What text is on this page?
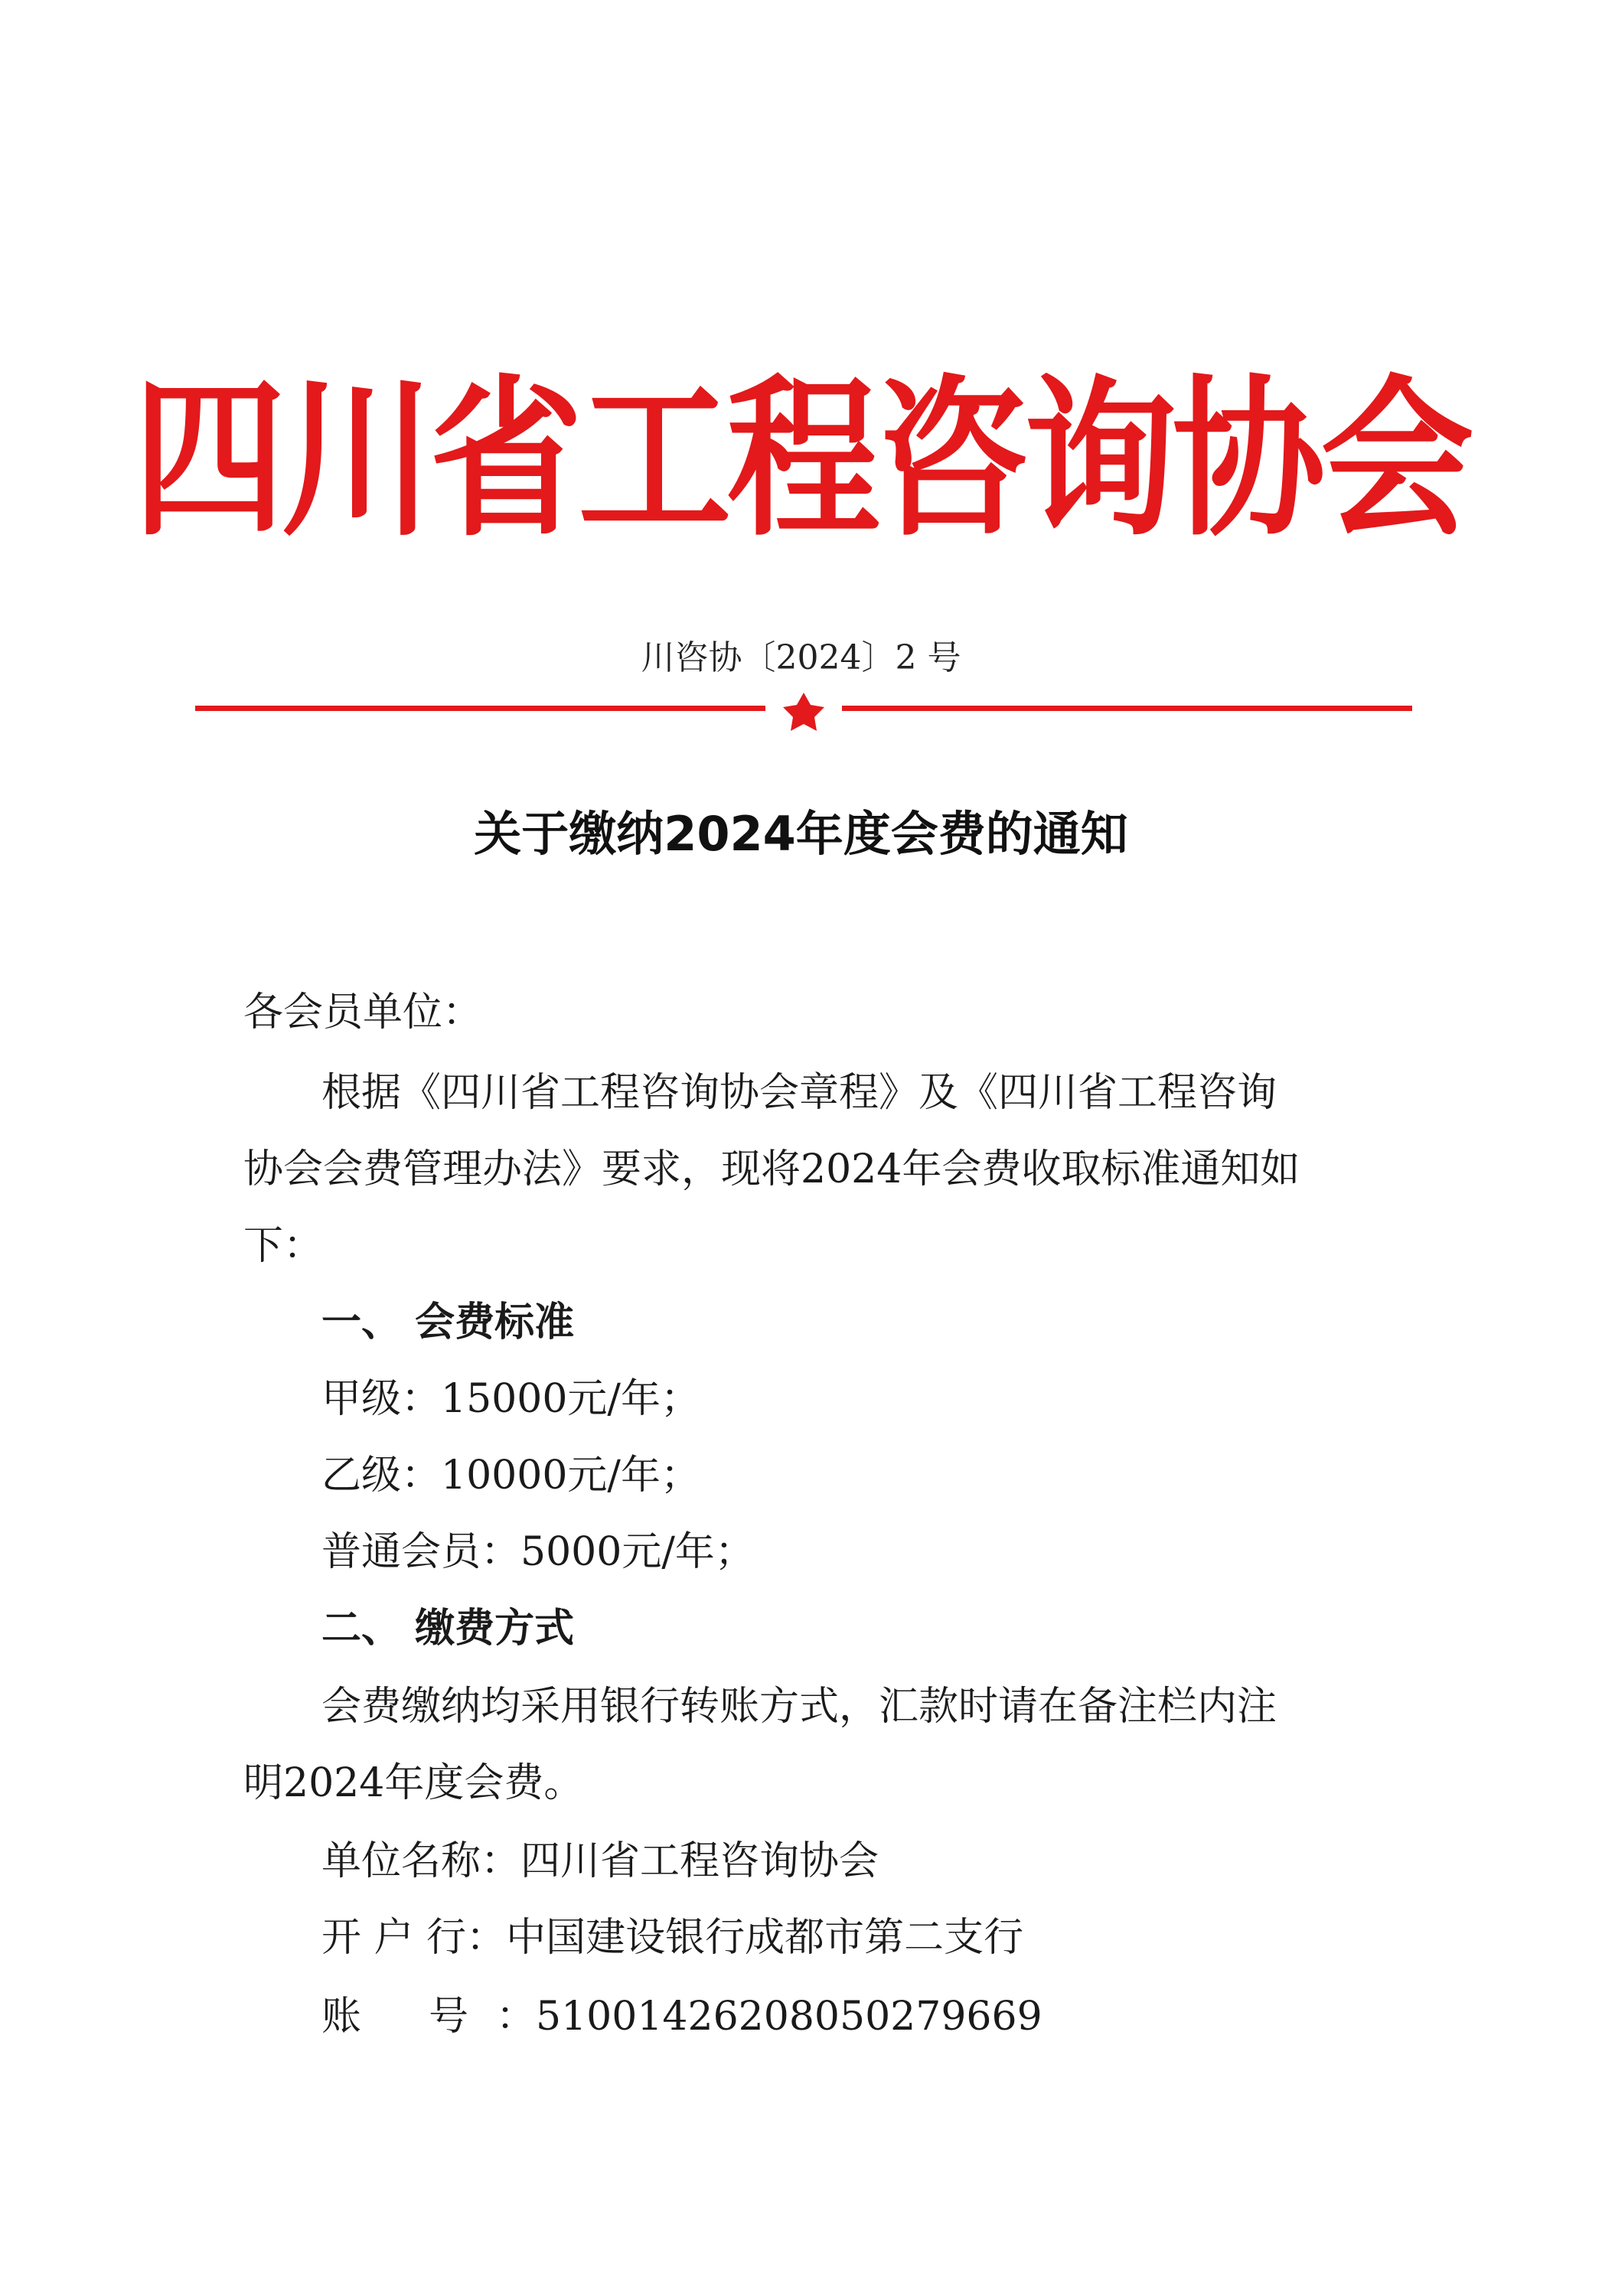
四川省工程咨询协会
川咨协〔2024〕2 号
关于缴纳2024年度会费的通知
各会员单位：
根据《四川省工程咨询协会章程》及《四川省工程咨询
协会会费管理办法》要求，现将2024年会费收取标准通知如
下：
一、 会费标准
甲级：15000元/年；
乙级：10000元/年；
普通会员：5000元/年；
二、 缴费方式
会费缴纳均采用银行转账方式，汇款时请在备注栏内注
明2024年度会费。
单位名称：四川省工程咨询协会
开 户 行：中国建设银行成都市第二支行
账 号：51001426208050279669
